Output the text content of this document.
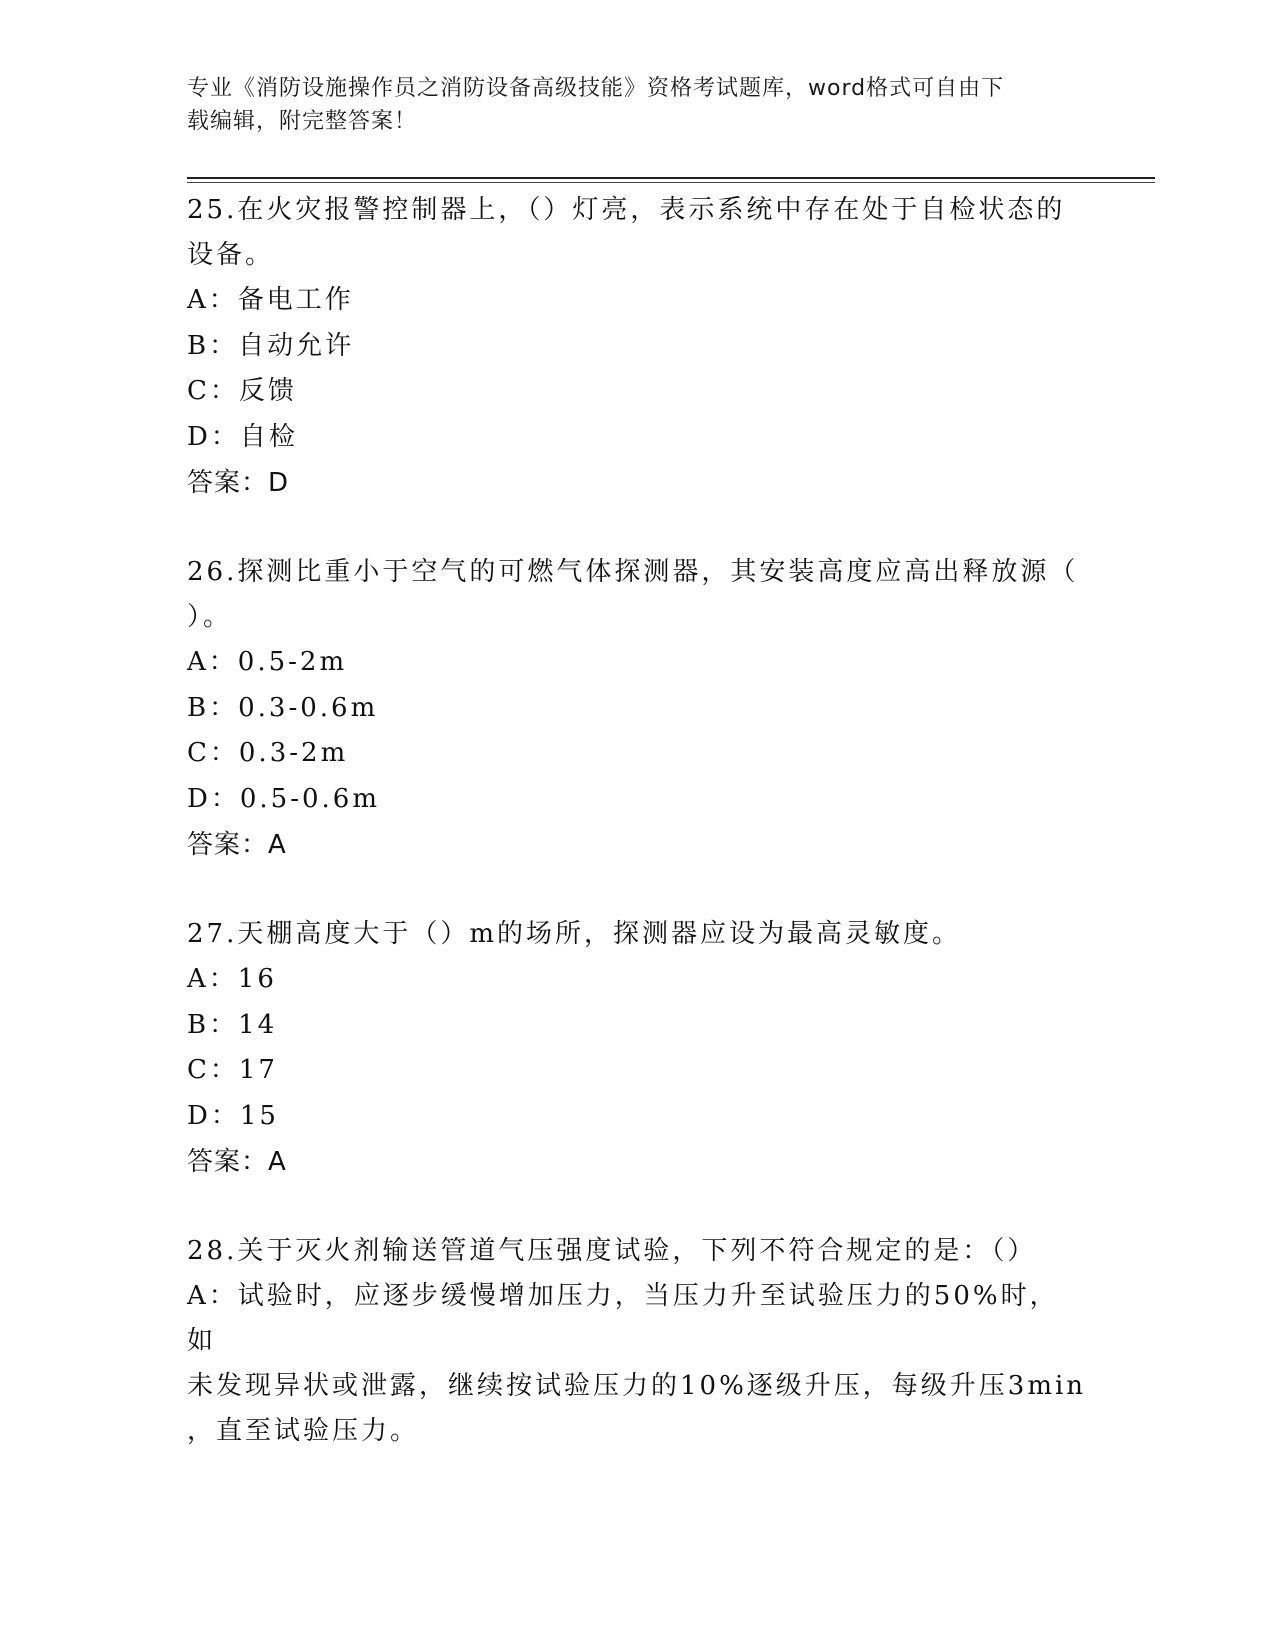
专业《消防设施操作员之消防设备高级技能》资格考试题库，word格式可自由下
载编辑，附完整答案！

25.在火灾报警控制器上，（）灯亮，表示系统中存在处于自检状态的

设备。

A：备电工作

B：自动允许

C：反馈

D：自检

答案：D

26.探测比重小于空气的可燃气体探测器，其安装高度应高出释放源（

）。

A：0.5-2m

B：0.3-0.6m

C：0.3-2m

D：0.5-0.6m

答案：A

27.天棚高度大于（）m的场所，探测器应设为最高灵敏度。

A：16

B：14

C：17

D：15

答案：A

28.关于灭火剂输送管道气压强度试验，下列不符合规定的是：（）

A：试验时，应逐步缓慢增加压力，当压力升至试验压力的50%时，如

未发现异状或泄露，继续按试验压力的10%逐级升压，每级升压3min

，直至试验压力。
